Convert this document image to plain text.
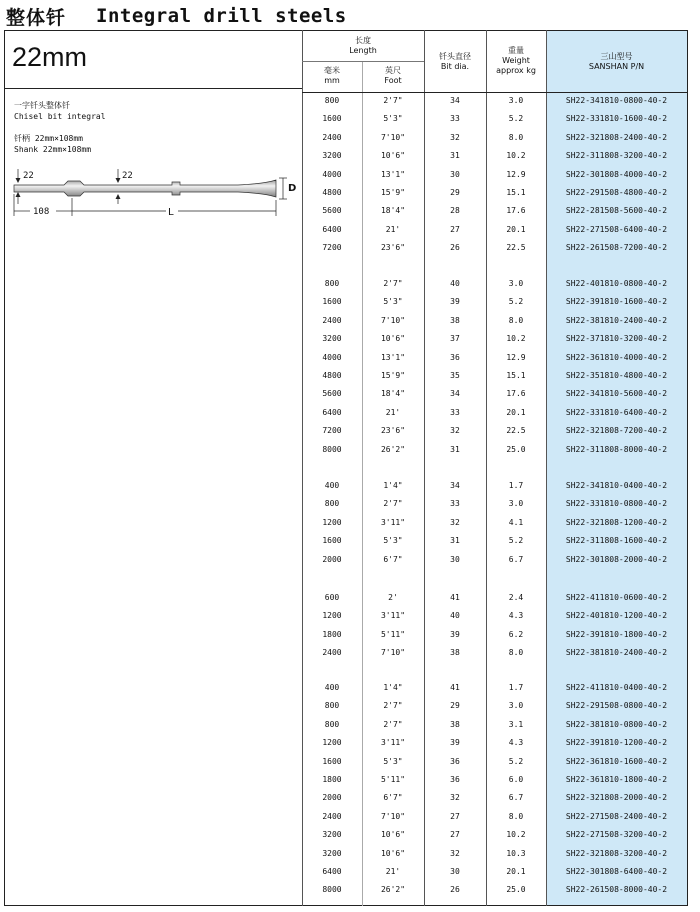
整体钎 Integral drill steels
长度
Length
毫米
mm
英尺
Foot
钎头直径
Bit dia.
重量
Weight
approx kg
三山型号
SANSHAN P/N
22mm
一字钎头整体钎
Chisel bit integral
钎柄 22mm×108mm
Shank 22mm×108mm
22	22
D
108	L
800	2'7"	34	3.0	SH22-341810-0800-40-2
1600	5'3"	33	5.2	SH22-331810-1600-40-2
2400	7'10"	32	8.0	SH22-321808-2400-40-2
3200	10'6"	31	10.2	SH22-311808-3200-40-2
4000	13'1"	30	12.9	SH22-301808-4000-40-2
4800	15'9"	29	15.1	SH22-291508-4800-40-2
5600	18'4"	28	17.6	SH22-281508-5600-40-2
6400	21'	27	20.1	SH22-271508-6400-40-2
7200	23'6"	26	22.5	SH22-261508-7200-40-2
800	2'7"	40	3.0	SH22-401810-0800-40-2
1600	5'3"	39	5.2	SH22-391810-1600-40-2
2400	7'10"	38	8.0	SH22-381810-2400-40-2
3200	10'6"	37	10.2	SH22-371810-3200-40-2
4000	13'1"	36	12.9	SH22-361810-4000-40-2
4800	15'9"	35	15.1	SH22-351810-4800-40-2
5600	18'4"	34	17.6	SH22-341810-5600-40-2
6400	21'	33	20.1	SH22-331810-6400-40-2
7200	23'6"	32	22.5	SH22-321808-7200-40-2
8000	26'2"	31	25.0	SH22-311808-8000-40-2
400	1'4"	34	1.7	SH22-341810-0400-40-2
800	2'7"	33	3.0	SH22-331810-0800-40-2
1200	3'11"	32	4.1	SH22-321808-1200-40-2
1600	5'3"	31	5.2	SH22-311808-1600-40-2
2000	6'7"	30	6.7	SH22-301808-2000-40-2
600	2'	41	2.4	SH22-411810-0600-40-2
1200	3'11"	40	4.3	SH22-401810-1200-40-2
1800	5'11"	39	6.2	SH22-391810-1800-40-2
2400	7'10"	38	8.0	SH22-381810-2400-40-2
400	1'4"	41	1.7	SH22-411810-0400-40-2
800	2'7"	29	3.0	SH22-291508-0800-40-2
800	2'7"	38	3.1	SH22-381810-0800-40-2
1200	3'11"	39	4.3	SH22-391810-1200-40-2
1600	5'3"	36	5.2	SH22-361810-1600-40-2
1800	5'11"	36	6.0	SH22-361810-1800-40-2
2000	6'7"	32	6.7	SH22-321808-2000-40-2
2400	7'10"	27	8.0	SH22-271508-2400-40-2
3200	10'6"	27	10.2	SH22-271508-3200-40-2
3200	10'6"	32	10.3	SH22-321808-3200-40-2
6400	21'	30	20.1	SH22-301808-6400-40-2
8000	26'2"	26	25.0	SH22-261508-8000-40-2
